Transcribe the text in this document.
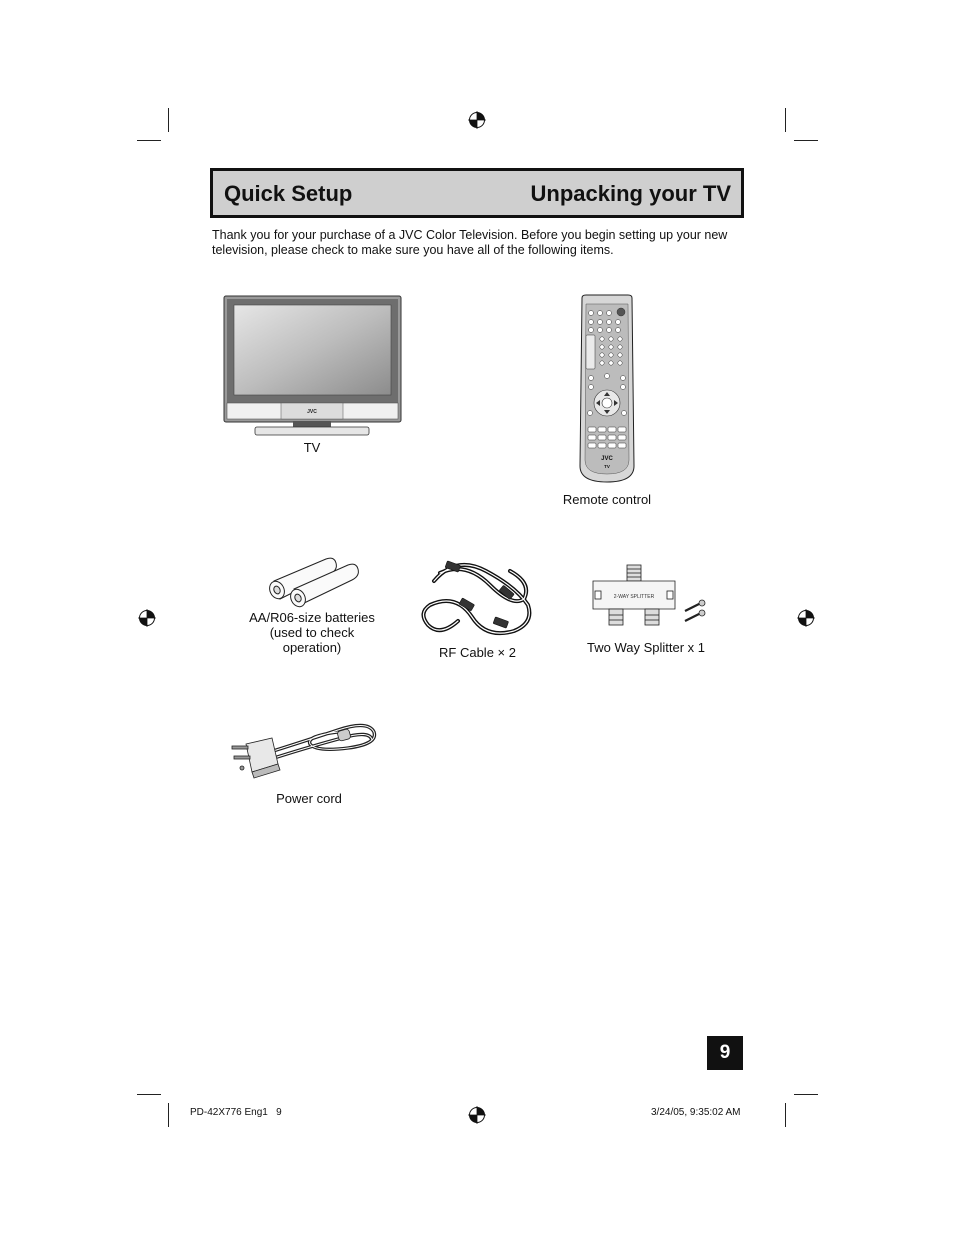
Quick Setup	Unpacking your TV
Thank you for your purchase of a JVC Color Television. Before you begin setting up your new television, please check to make sure you have all of the following items.
JVC
TV
JVC
TV
Remote control
AA/R06-size batteries (used to check operation)	RF Cable × 2
2-WAY SPLITTER
Two Way Splitter x 1
Power cord
9
PD-42X776 Eng1   9	3/24/05, 9:35:02 AM
